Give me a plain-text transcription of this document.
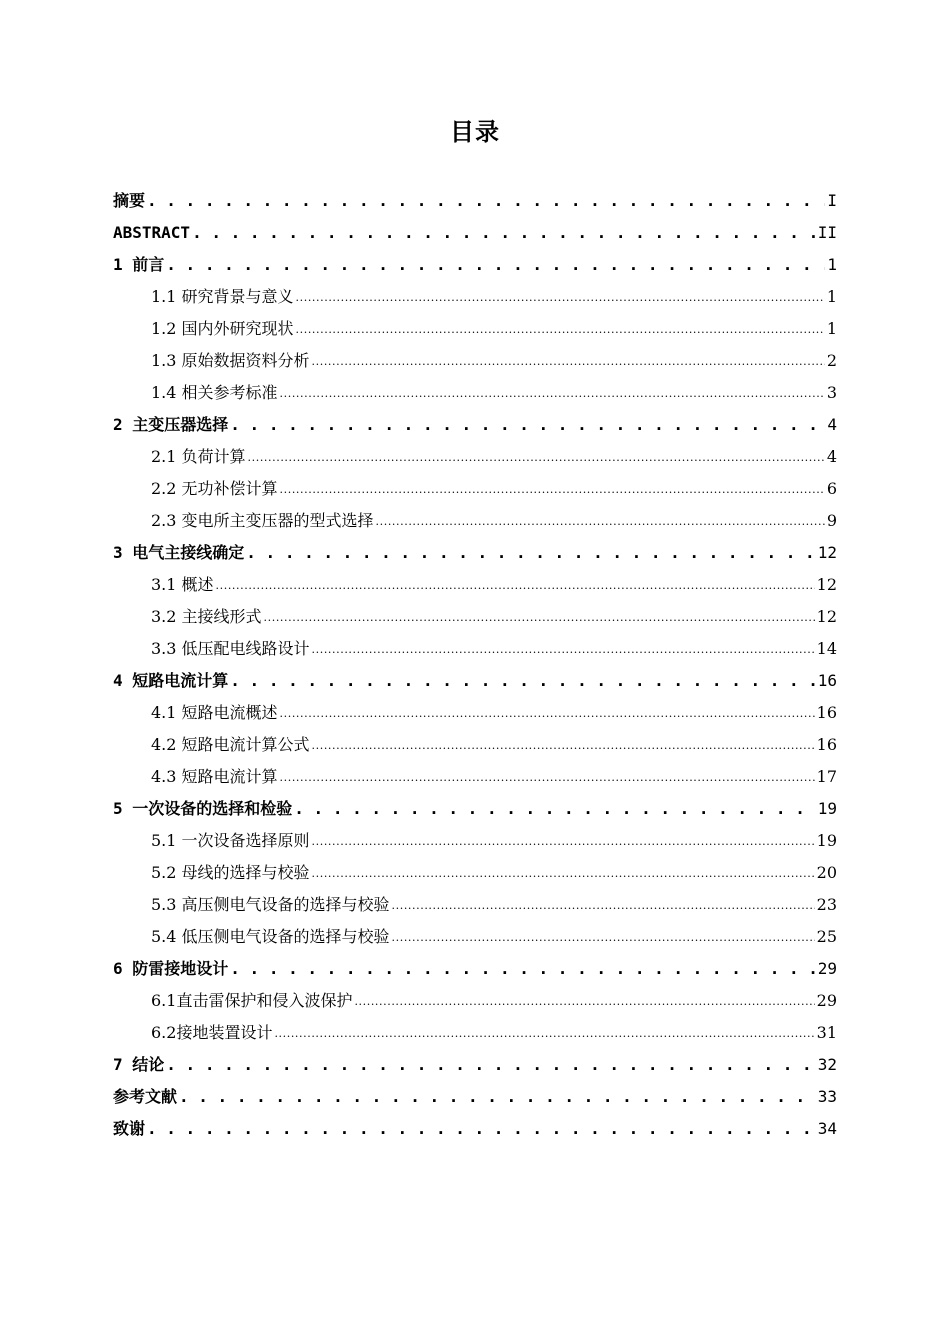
目录
摘要 . . .	I
ABSTRACT . . .	II
1 前言 . . .	1
1.1 研究背景与意义 .....	1
1.2 国内外研究现状 .....	1
1.3 原始数据资料分析 .....	2
1.4 相关参考标准 .....	3
2 主变压器选择 . . .	4
2.1 负荷计算 .....	4
2.2 无功补偿计算 .....	6
2.3 变电所主变压器的型式选择 .....	9
3 电气主接线确定 . . .	12
3.1 概述 .....	12
3.2 主接线形式 .....	12
3.3 低压配电线路设计 .....	14
4 短路电流计算 . . .	16
4.1 短路电流概述 .....	16
4.2 短路电流计算公式 .....	16
4.3 短路电流计算 .....	17
5 一次设备的选择和检验 . . .	19
5.1 一次设备选择原则 .....	19
5.2 母线的选择与校验 .....	20
5.3 高压侧电气设备的选择与校验 .....	23
5.4 低压侧电气设备的选择与校验 .....	25
6 防雷接地设计 . . .	29
6.1直击雷保护和侵入波保护 .....	29
6.2接地装置设计 .....	31
7 结论 . . .	32
参考文献 . . .	33
致谢 . . .	34
